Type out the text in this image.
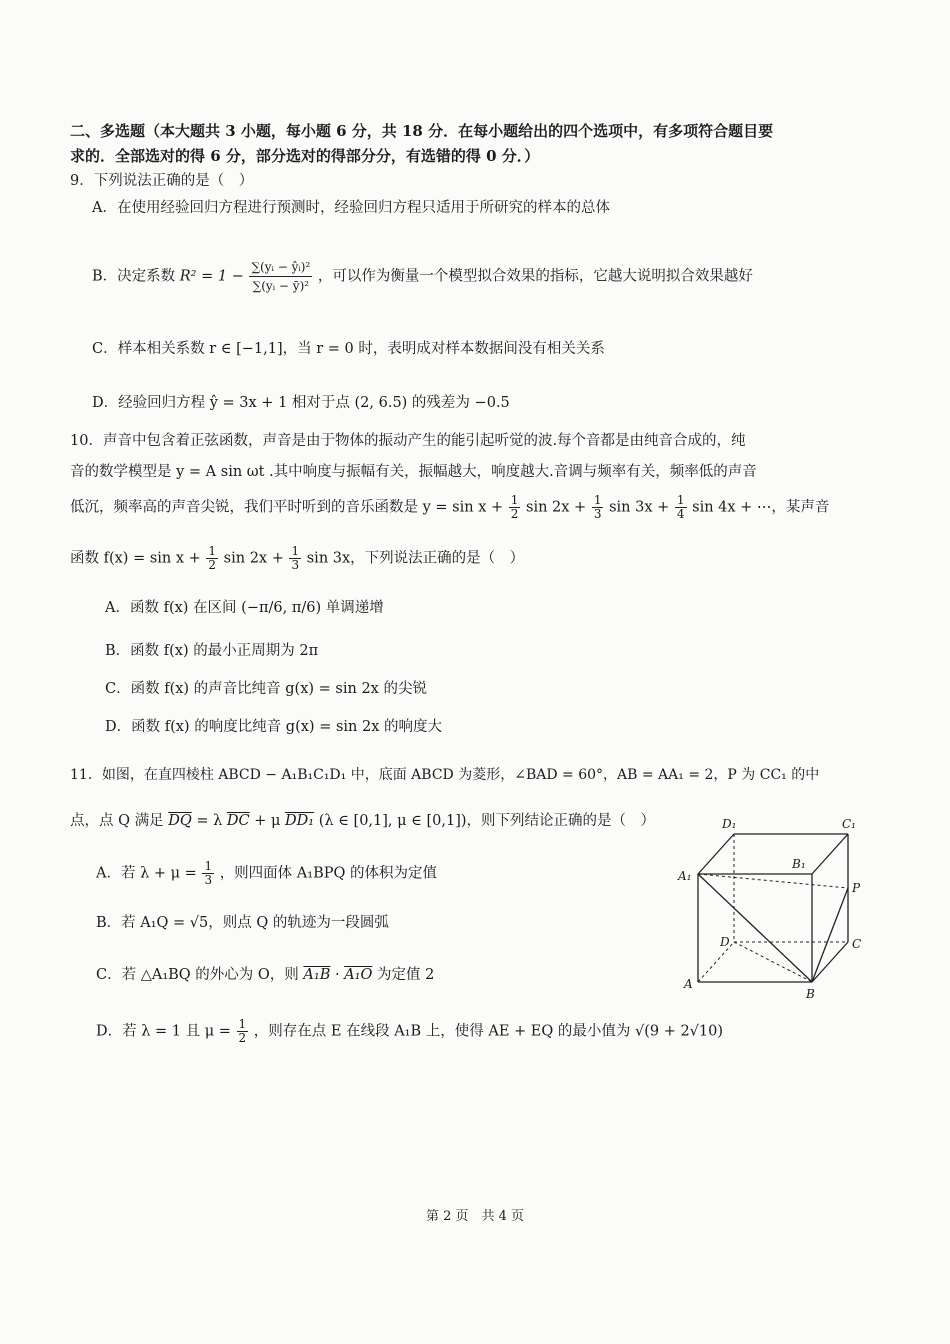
二、多选题（本大题共 3 小题，每小题 6 分，共 18 分．在每小题给出的四个选项中，有多项符合题目要
求的．全部选对的得 6 分，部分选对的得部分分，有选错的得 0 分．）
9．下列说法正确的是（　）
A．在使用经验回归方程进行预测时，经验回归方程只适用于所研究的样本的总体
B．决定系数 $R^2 = 1 - \frac{\text{∑(yᵢ − ŷᵢ)²}}{\text{∑(yᵢ − ȳ)²}}$ ，可以作为衡量一个模型拟合效果的指标，它越大说明拟合效果越好
C．样本相关系数 r ∈ [−1,1]，当 r = 0 时，表明成对样本数据间没有相关关系
D．经验回归方程 ŷ = 3x + 1 相对于点 (2, 6.5) 的残差为 −0.5
10．声音中包含着正弦函数，声音是由于物体的振动产生的能引起听觉的波.每个音都是由纯音合成的，纯
音的数学模型是 y = A sin ωt .其中响度与振幅有关，振幅越大，响度越大.音调与频率有关，频率低的声音
低沉，频率高的声音尖锐，我们平时听到的音乐函数是 $y = \sin x + \frac{1}{2}$ $\sin 2x + \frac{1}{3}$ $\sin 3x + \frac{1}{4}$ sin 4x + ⋯，某声音
函数 $f(x) = \sin x + \frac{1}{2}$ $\sin 2x + \frac{1}{3}$ sin 3x，下列说法正确的是（　）
A．函数 f(x) 在区间 (−π/6, π/6) 单调递增
B．函数 f(x) 的最小正周期为 2π
C．函数 f(x) 的声音比纯音 g(x) = sin 2x 的尖锐
D．函数 f(x) 的响度比纯音 g(x) = sin 2x 的响度大
11．如图，在直四棱柱 ABCD − A₁B₁C₁D₁ 中，底面 ABCD 为菱形，∠BAD = 60°，AB = AA₁ = 2，P 为 CC₁ 的中
点，点 Q 满足 $\overline{DQ} = \lambda$ $\overline{DC} + \mu$ DD₁ (λ ∈ [0,1], μ ∈ [0,1])，则下列结论正确的是（　）
A．若 $\lambda + \mu = \frac{1}{3}$ ，则四面体 A₁BPQ 的体积为定值
B．若 A₁Q = √5，则点 Q 的轨迹为一段圆弧
C．若 △A₁BQ 的外心为 O，则 A₁B · A₁O 为定值 2
D．若 λ = 1 且 $\mu = \frac{1}{2}$ ，则存在点 E 在线段 A₁B 上，使得 AE + EQ 的最小值为 √(9 + 2√10)
D₁	C₁
B₁
A₁
P
D	C
A
B
第 2 页　共 4 页
